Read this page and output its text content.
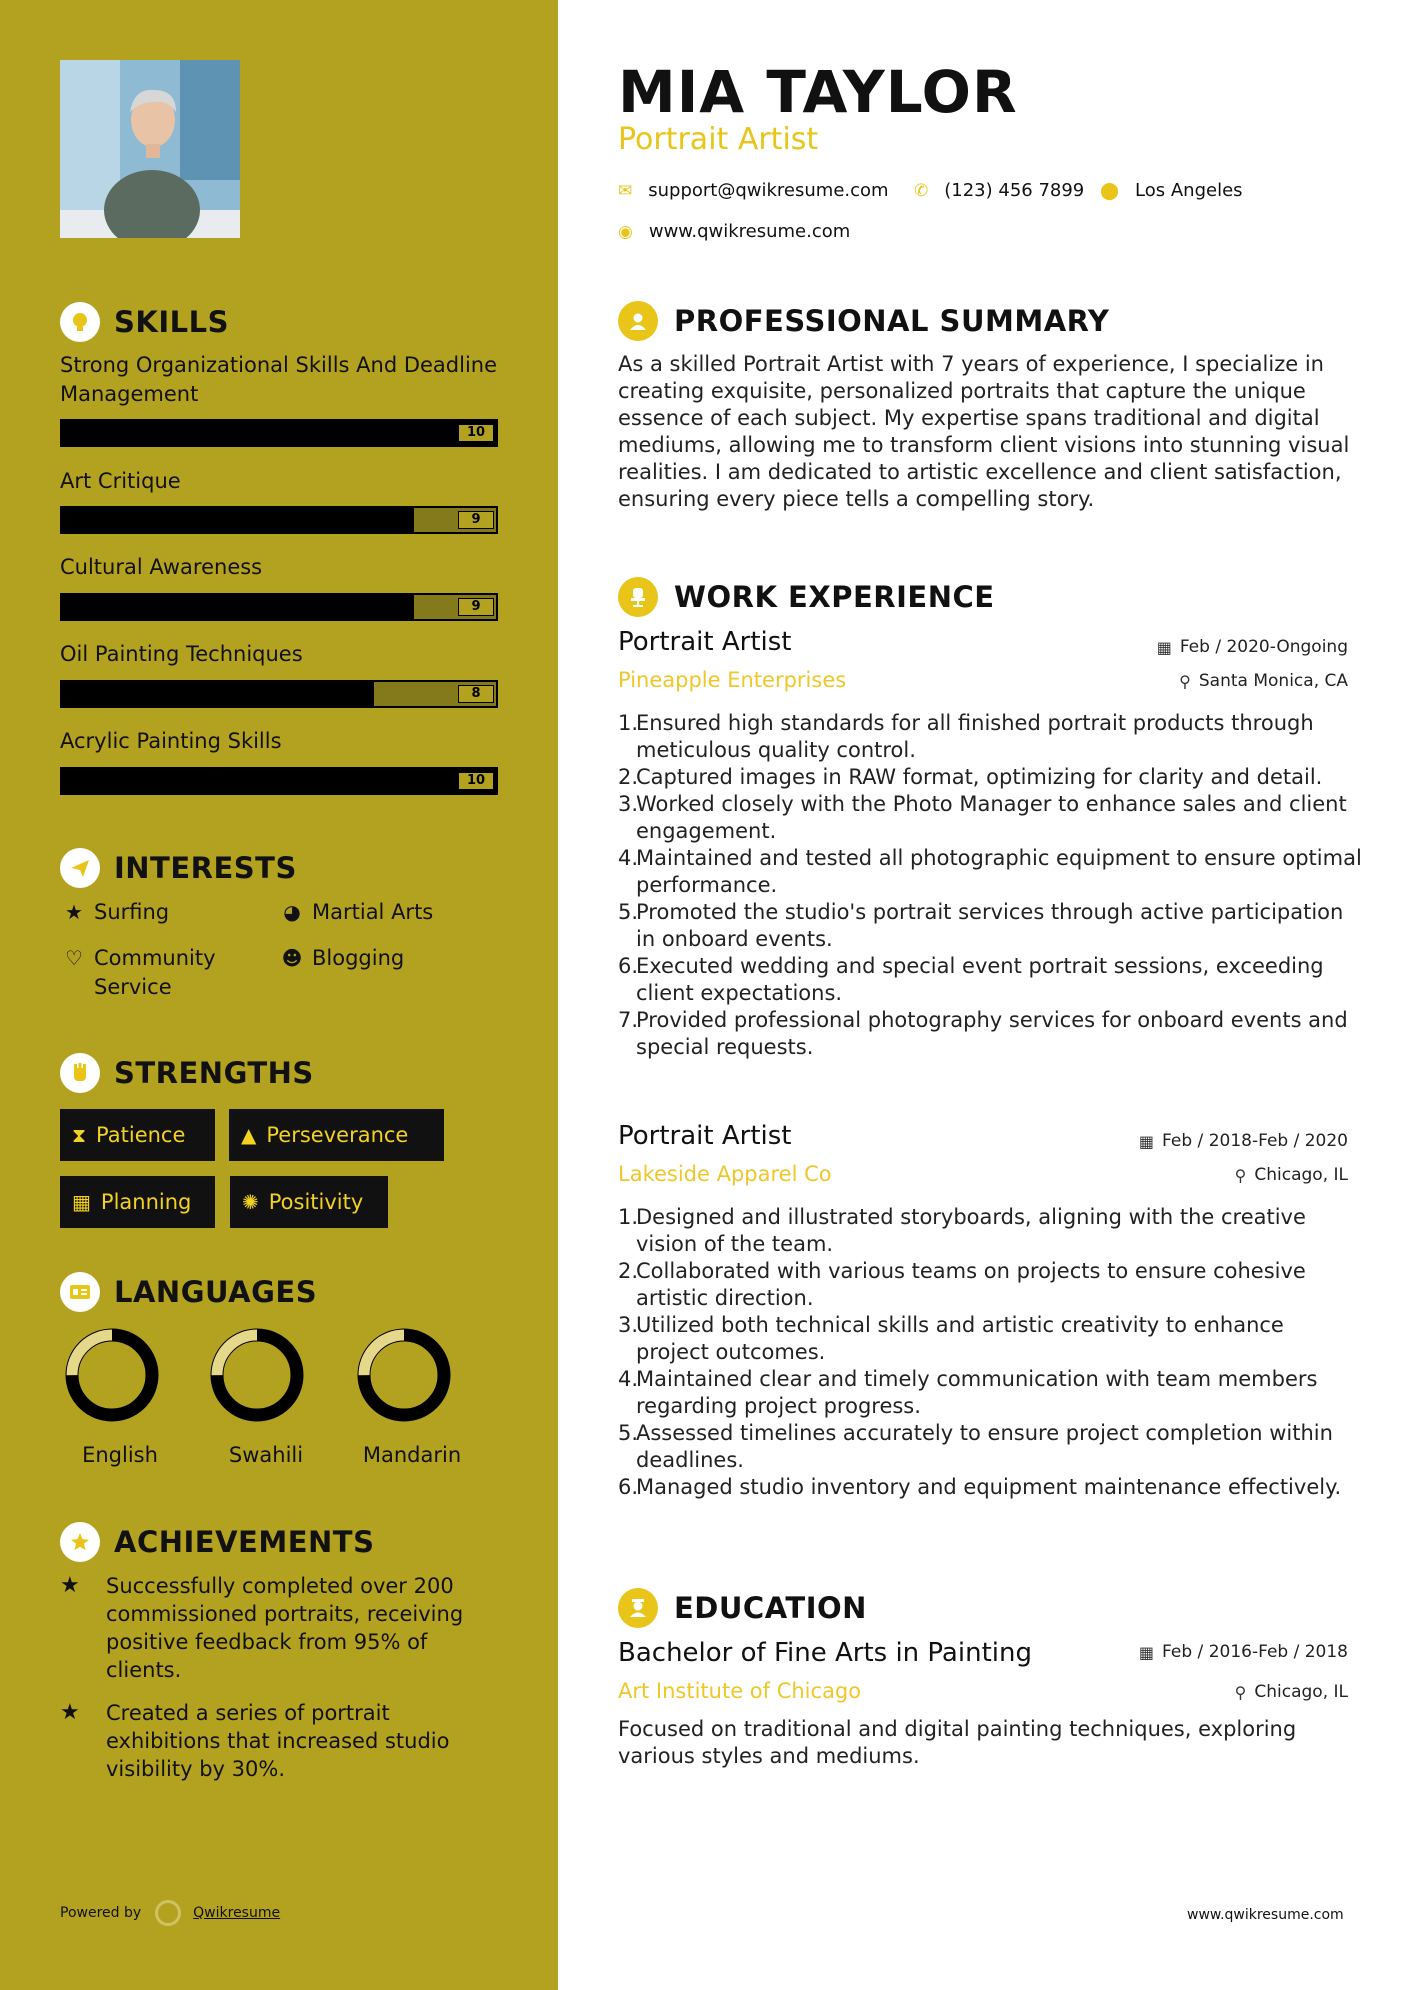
SKILLS
Strong Organizational Skills And Deadline Management
10
Art Critique
9
Cultural Awareness
9
Oil Painting Techniques
8
Acrylic Painting Skills
10
INTERESTS
★ Surfing	◕ Martial Arts
♡ Community Service
☻ Blogging
STRENGTHS
⧗ Patience	▲ Perseverance
▦ Planning	✺ Positivity
LANGUAGES
English	Swahili	Mandarin
ACHIEVEMENTS
★	Successfully completed over 200 commissioned portraits, receiving positive feedback from 95% of clients.
★	Created a series of portrait exhibitions that increased studio visibility by 30%.
Powered by	Qwikresume
MIA TAYLOR
Portrait Artist
✉ support@qwikresume.com ✆ (123) 456 7899 ⬤ Los Angeles
◉ www.qwikresume.com
PROFESSIONAL SUMMARY
As a skilled Portrait Artist with 7 years of experience, I specialize in creating exquisite, personalized portraits that capture the unique essence of each subject. My expertise spans traditional and digital mediums, allowing me to transform client visions into stunning visual realities. I am dedicated to artistic excellence and client satisfaction, ensuring every piece tells a compelling story.
WORK EXPERIENCE
Portrait Artist	▦ Feb / 2020-Ongoing
Pineapple Enterprises	⚲ Santa Monica, CA
1.
Ensured high standards for all finished portrait products through meticulous quality control.
2.
Captured images in RAW format, optimizing for clarity and detail.
3.
Worked closely with the Photo Manager to enhance sales and client engagement.
4.
Maintained and tested all photographic equipment to ensure optimal performance.
5.
Promoted the studio's portrait services through active participation in onboard events.
6.
Executed wedding and special event portrait sessions, exceeding client expectations.
7.
Provided professional photography services for onboard events and special requests.
Portrait Artist	▦ Feb / 2018-Feb / 2020
Lakeside Apparel Co	⚲ Chicago, IL
1.
Designed and illustrated storyboards, aligning with the creative vision of the team.
2.
Collaborated with various teams on projects to ensure cohesive artistic direction.
3.
Utilized both technical skills and artistic creativity to enhance project outcomes.
4.
Maintained clear and timely communication with team members regarding project progress.
5.
Assessed timelines accurately to ensure project completion within deadlines.
6.
Managed studio inventory and equipment maintenance effectively.
EDUCATION
Bachelor of Fine Arts in Painting	▦ Feb / 2016-Feb / 2018
Art Institute of Chicago	⚲ Chicago, IL
Focused on traditional and digital painting techniques, exploring various styles and mediums.
www.qwikresume.com
